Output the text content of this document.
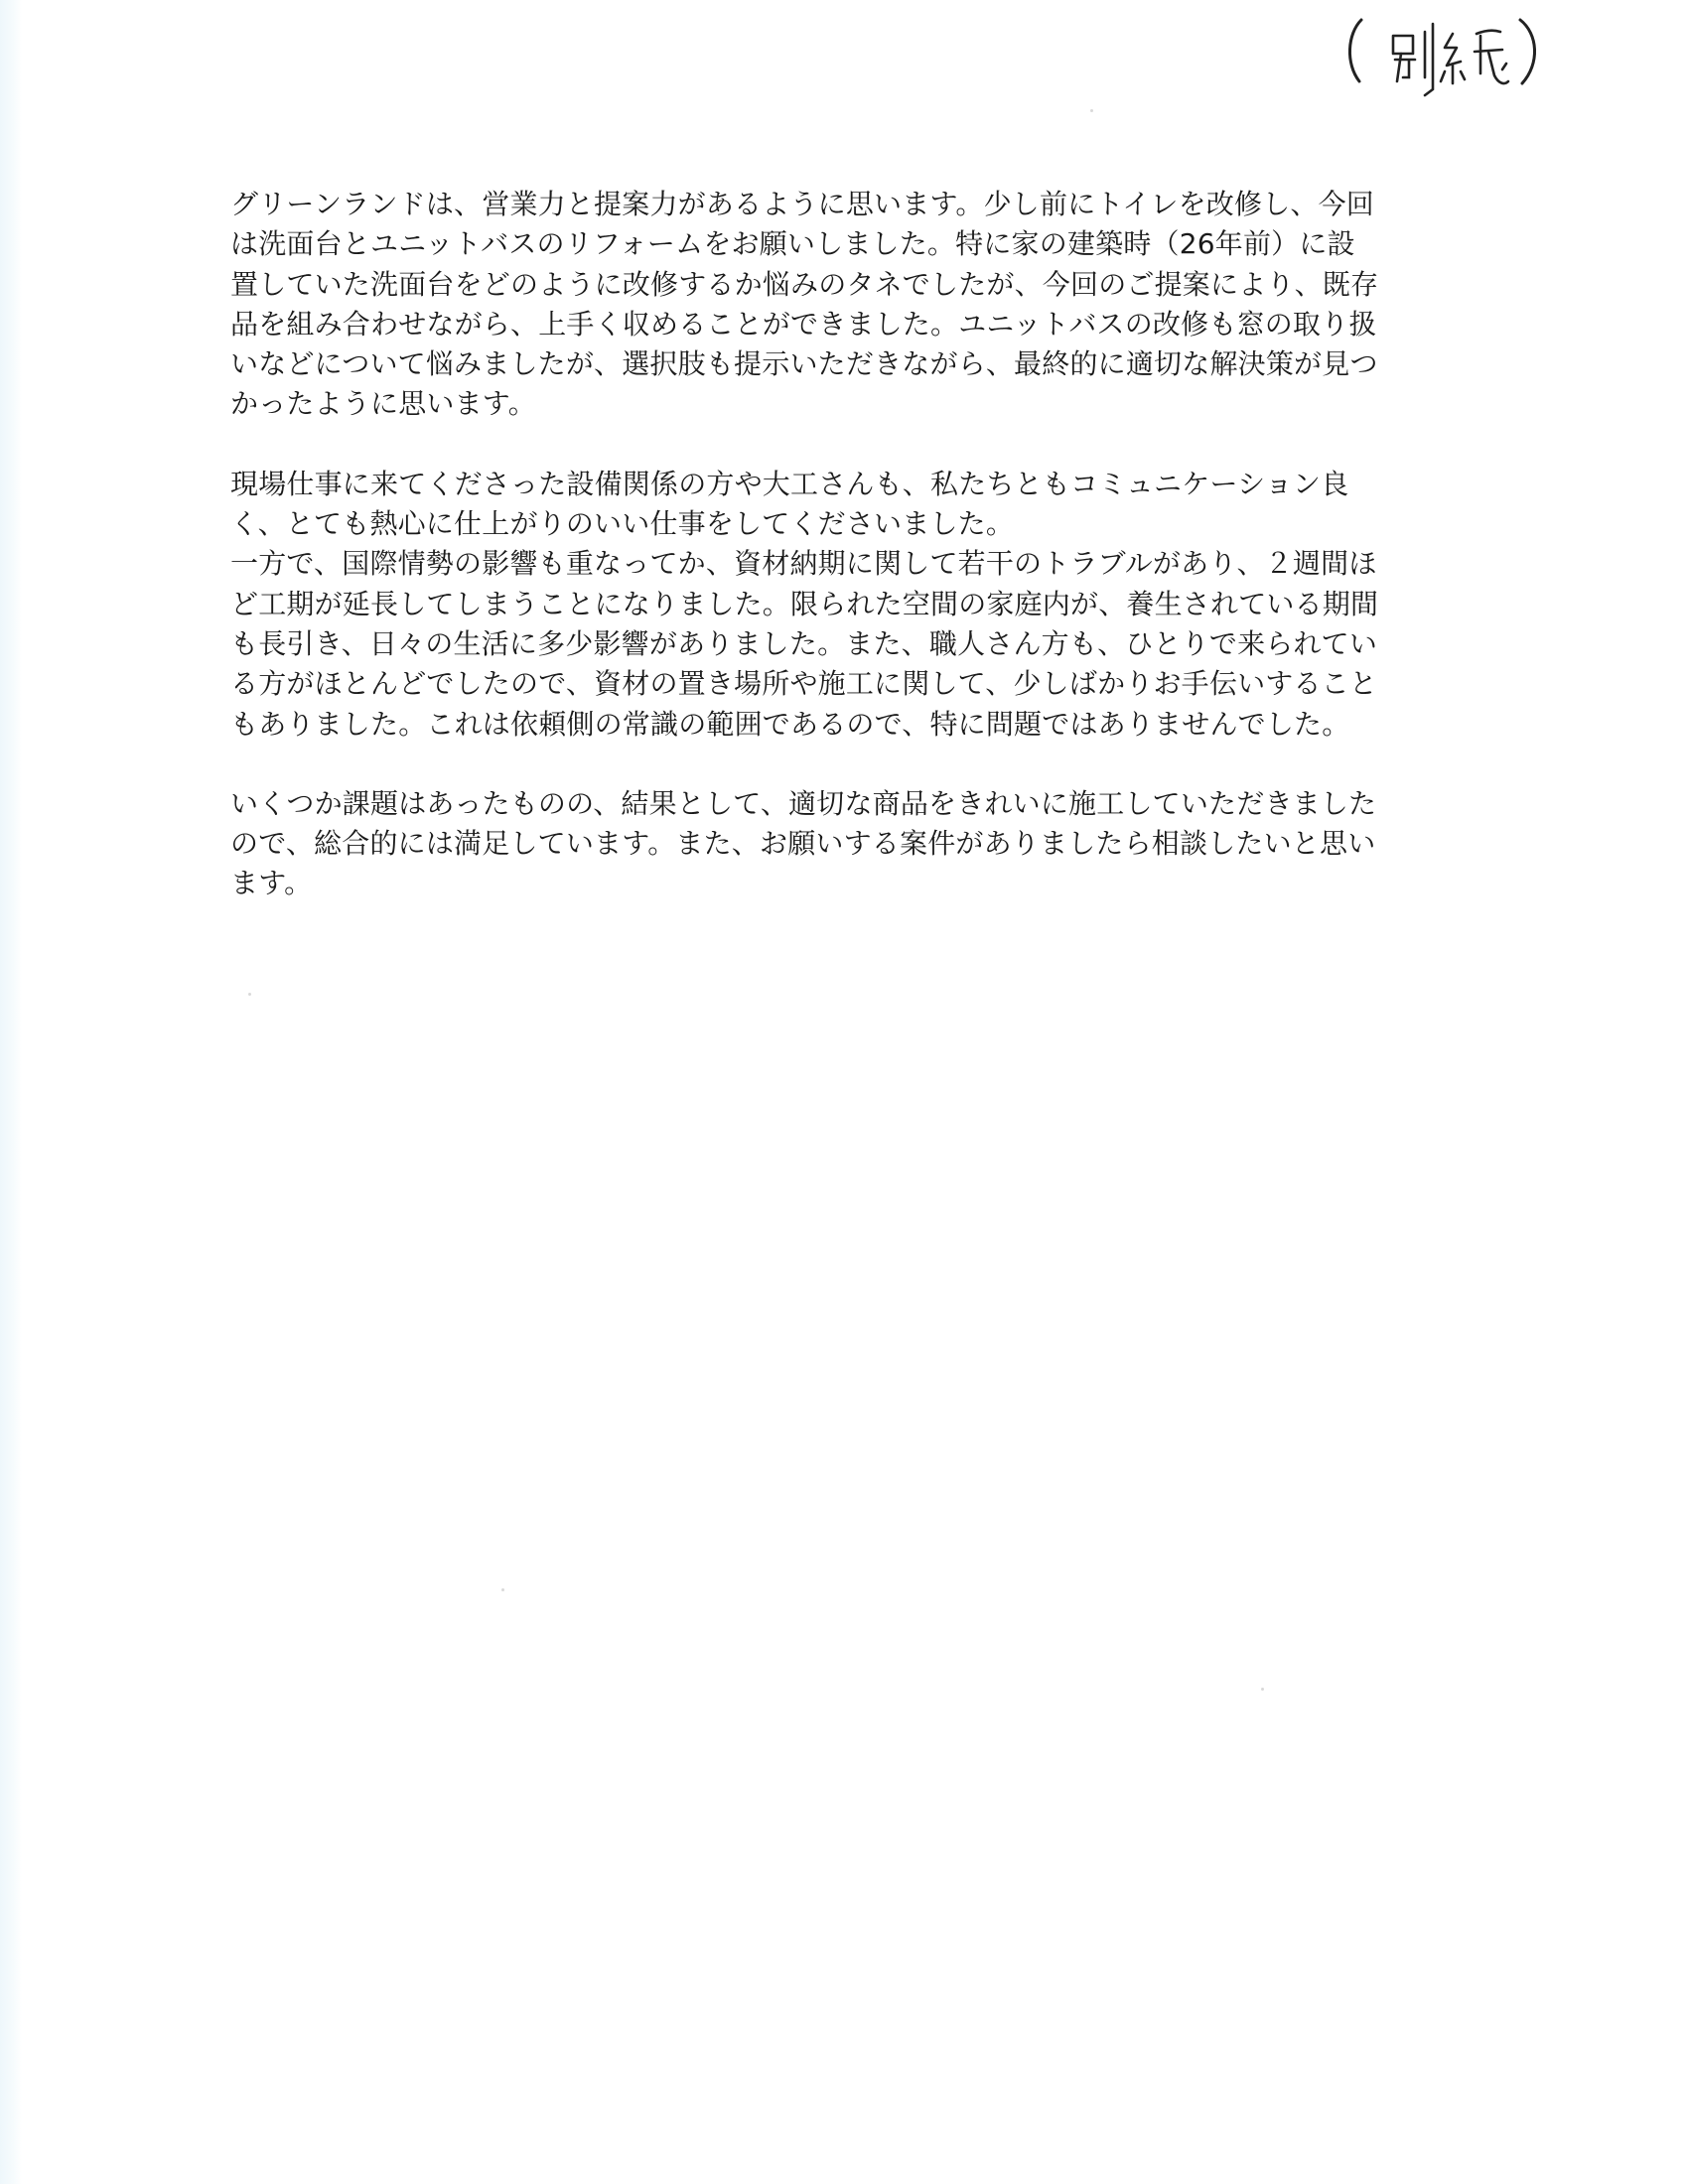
グリーンランドは、営業力と提案力があるように思います。少し前にトイレを改修し、今回
は洗面台とユニットバスのリフォームをお願いしました。特に家の建築時（26年前）に設
置していた洗面台をどのように改修するか悩みのタネでしたが、今回のご提案により、既存
品を組み合わせながら、上手く収めることができました。ユニットバスの改修も窓の取り扱
いなどについて悩みましたが、選択肢も提示いただきながら、最終的に適切な解決策が見つ
かったように思います。
現場仕事に来てくださった設備関係の方や大工さんも、私たちともコミュニケーション良
く、とても熱心に仕上がりのいい仕事をしてくださいました。
一方で、国際情勢の影響も重なってか、資材納期に関して若干のトラブルがあり、２週間ほ
ど工期が延長してしまうことになりました。限られた空間の家庭内が、養生されている期間
も長引き、日々の生活に多少影響がありました。また、職人さん方も、ひとりで来られてい
る方がほとんどでしたので、資材の置き場所や施工に関して、少しばかりお手伝いすること
もありました。これは依頼側の常識の範囲であるので、特に問題ではありませんでした。
いくつか課題はあったものの、結果として、適切な商品をきれいに施工していただきました
ので、総合的には満足しています。また、お願いする案件がありましたら相談したいと思い
ます。
